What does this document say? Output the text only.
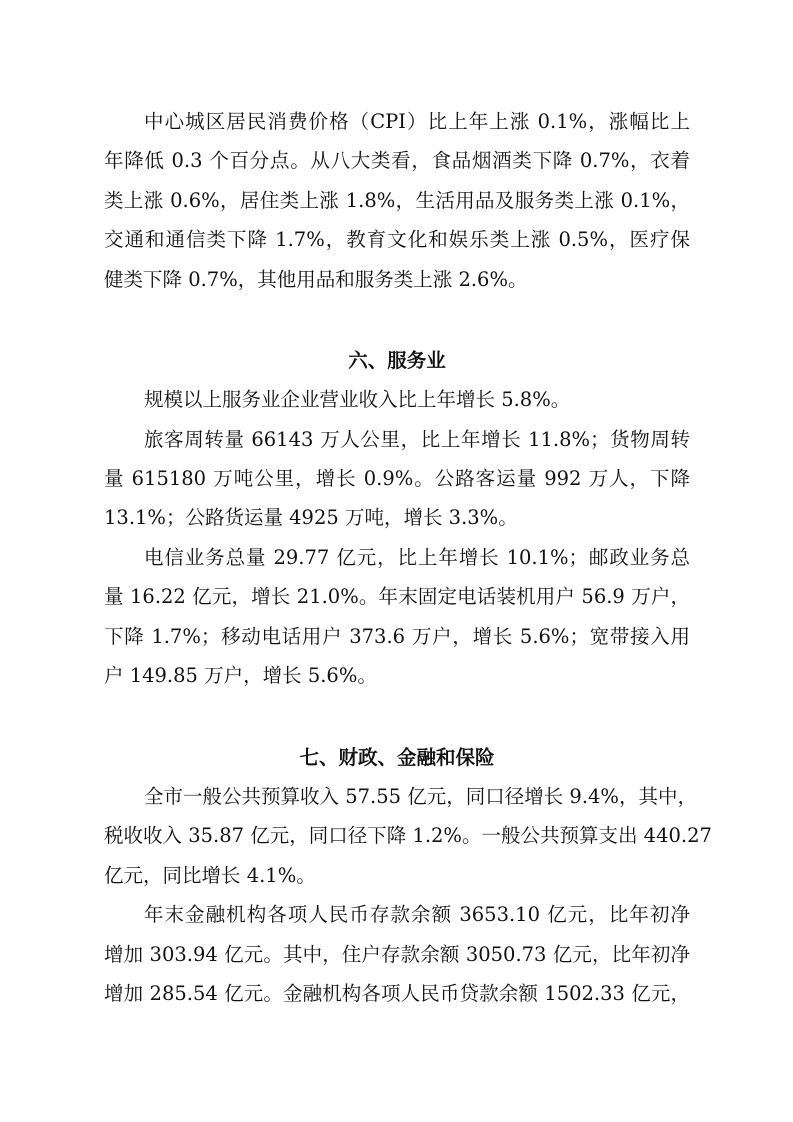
中心城区居民消费价格（CPI）比上年上涨 0.1%，涨幅比上
年降低 0.3 个百分点。从八大类看，食品烟酒类下降 0.7%，衣着
类上涨 0.6%，居住类上涨 1.8%，生活用品及服务类上涨 0.1%，
交通和通信类下降 1.7%，教育文化和娱乐类上涨 0.5%，医疗保
健类下降 0.7%，其他用品和服务类上涨 2.6%。
六、服务业
规模以上服务业企业营业收入比上年增长 5.8%。
旅客周转量 66143 万人公里，比上年增长 11.8%；货物周转
量 615180 万吨公里，增长 0.9%。公路客运量 992 万人，下降
13.1%；公路货运量 4925 万吨，增长 3.3%。
电信业务总量 29.77 亿元，比上年增长 10.1%；邮政业务总
量 16.22 亿元，增长 21.0%。年末固定电话装机用户 56.9 万户，
下降 1.7%；移动电话用户 373.6 万户，增长 5.6%；宽带接入用
户 149.85 万户，增长 5.6%。
七、财政、金融和保险
全市一般公共预算收入 57.55 亿元，同口径增长 9.4%，其中，
税收收入 35.87 亿元，同口径下降 1.2%。一般公共预算支出 440.27
亿元，同比增长 4.1%。
年末金融机构各项人民币存款余额 3653.10 亿元，比年初净
增加 303.94 亿元。其中，住户存款余额 3050.73 亿元，比年初净
增加 285.54 亿元。金融机构各项人民币贷款余额 1502.33 亿元，
